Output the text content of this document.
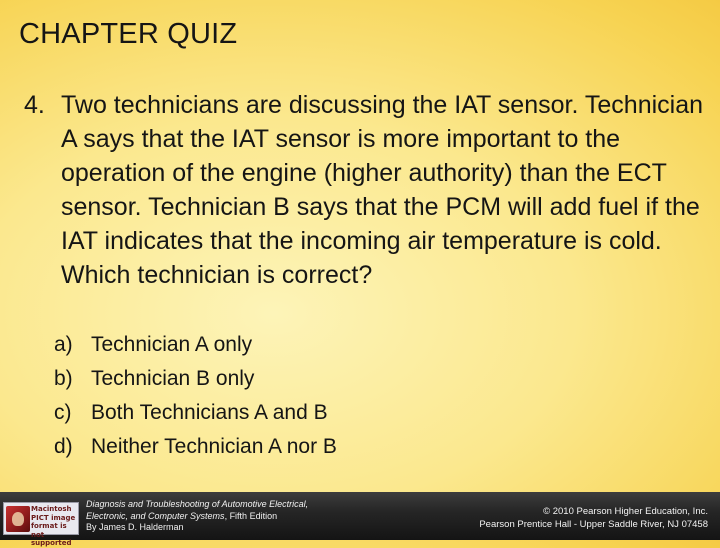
CHAPTER QUIZ
4. Two technicians are discussing the IAT sensor. Technician A says that the IAT sensor is more important to the operation of the engine (higher authority) than the ECT sensor. Technician B says that the PCM will add fuel if the IAT indicates that the incoming air temperature is cold. Which technician is correct?
a) Technician A only
b) Technician B only
c) Both Technicians A and B
d) Neither Technician A nor B
Macintosh PICT image format is not supported
Diagnosis and Troubleshooting of Automotive Electrical,
Electronic, and Computer Systems, Fifth Edition
By James D. Halderman
© 2010 Pearson Higher Education, Inc.
Pearson Prentice Hall - Upper Saddle River, NJ 07458
